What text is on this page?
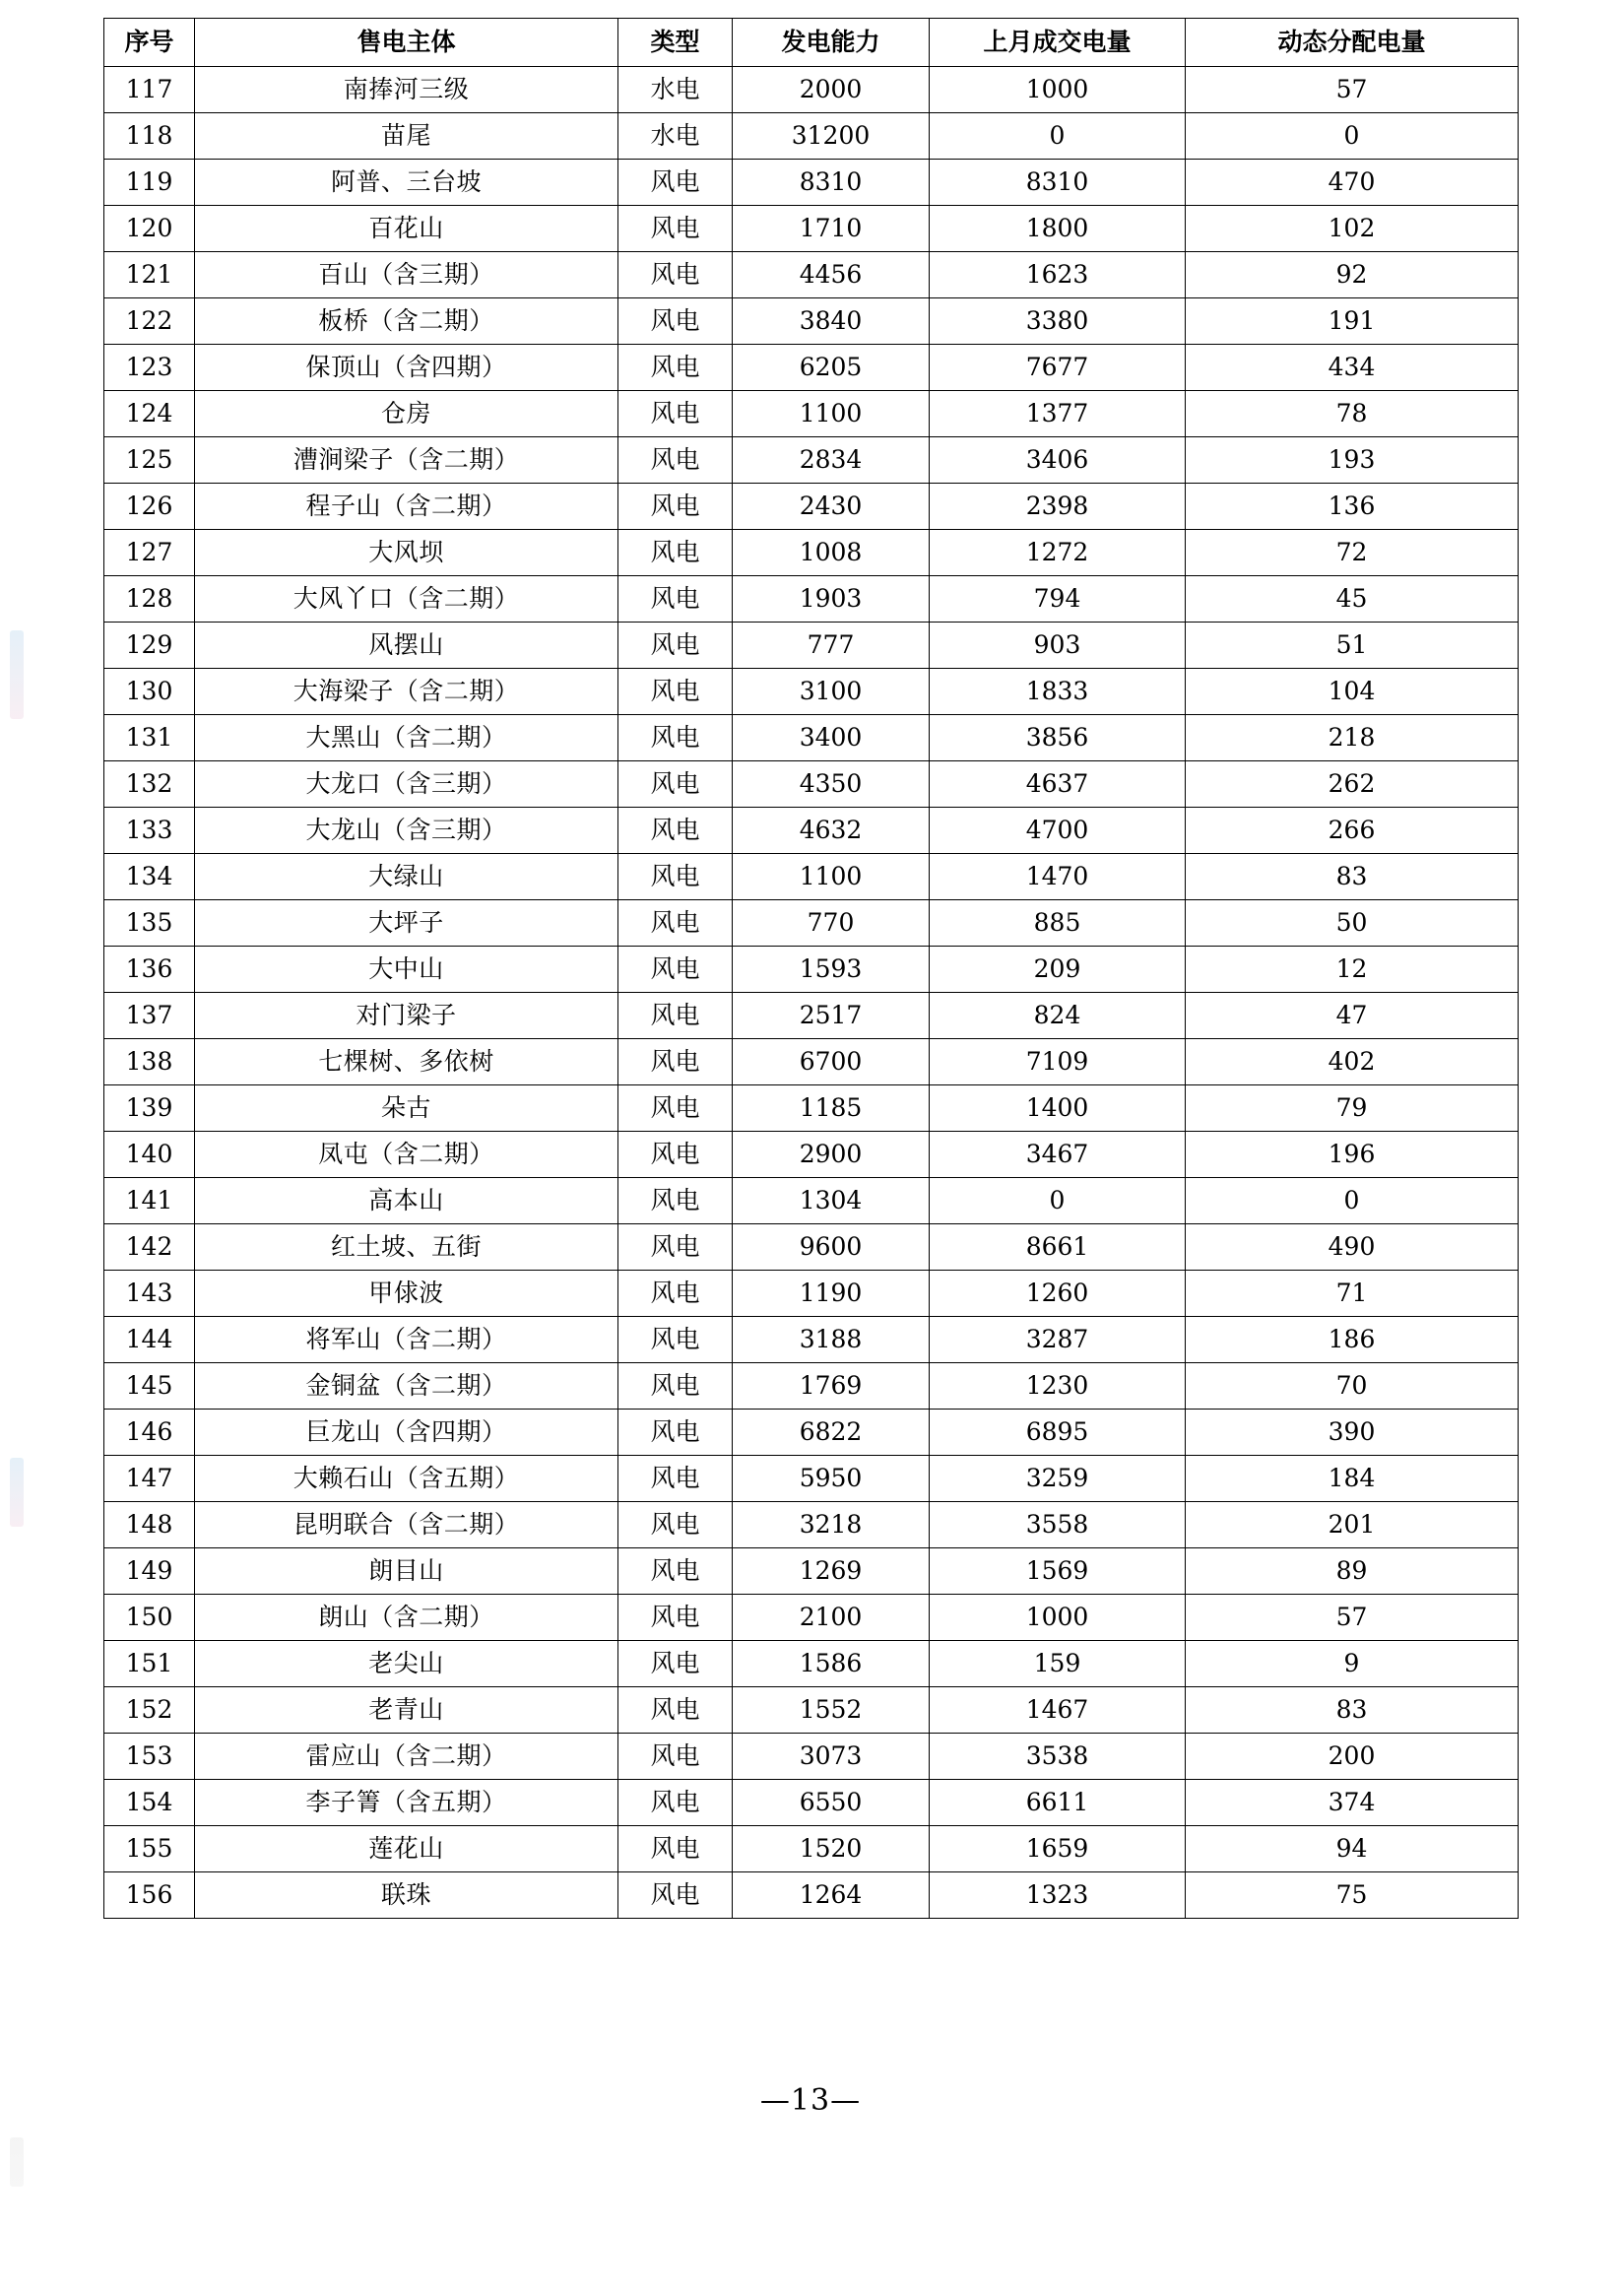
序号	售电主体	类型	发电能力	上月成交电量	动态分配电量
117	南捧河三级	水电	2000	1000	57
118	苗尾	水电	31200	0	0
119	阿普、三台坡	风电	8310	8310	470
120	百花山	风电	1710	1800	102
121	百山（含三期）	风电	4456	1623	92
122	板桥（含二期）	风电	3840	3380	191
123	保顶山（含四期）	风电	6205	7677	434
124	仓房	风电	1100	1377	78
125	漕涧梁子（含二期）	风电	2834	3406	193
126	程子山（含二期）	风电	2430	2398	136
127	大风坝	风电	1008	1272	72
128	大风丫口（含二期）	风电	1903	794	45
129	风摆山	风电	777	903	51
130	大海梁子（含二期）	风电	3100	1833	104
131	大黑山（含二期）	风电	3400	3856	218
132	大龙口（含三期）	风电	4350	4637	262
133	大龙山（含三期）	风电	4632	4700	266
134	大绿山	风电	1100	1470	83
135	大坪子	风电	770	885	50
136	大中山	风电	1593	209	12
137	对门梁子	风电	2517	824	47
138	七棵树、多依树	风电	6700	7109	402
139	朵古	风电	1185	1400	79
140	凤屯（含二期）	风电	2900	3467	196
141	高本山	风电	1304	0	0
142	红土坡、五街	风电	9600	8661	490
143	甲俅波	风电	1190	1260	71
144	将军山（含二期）	风电	3188	3287	186
145	金铜盆（含二期）	风电	1769	1230	70
146	巨龙山（含四期）	风电	6822	6895	390
147	大赖石山（含五期）	风电	5950	3259	184
148	昆明联合（含二期）	风电	3218	3558	201
149	朗目山	风电	1269	1569	89
150	朗山（含二期）	风电	2100	1000	57
151	老尖山	风电	1586	159	9
152	老青山	风电	1552	1467	83
153	雷应山（含二期）	风电	3073	3538	200
154	李子箐（含五期）	风电	6550	6611	374
155	莲花山	风电	1520	1659	94
156	联珠	风电	1264	1323	75
—13—
